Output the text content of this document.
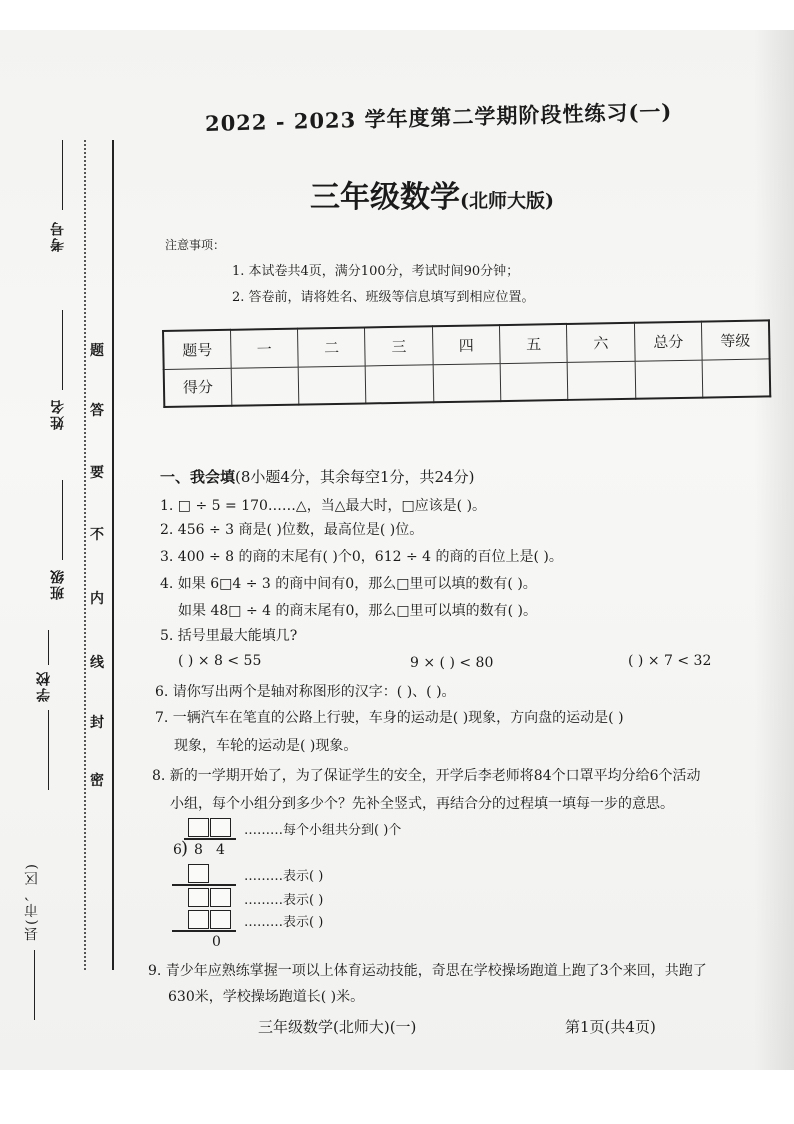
考号
姓名
班级
学校
县(市、区)
密
封
线
内
不
要
答
题
2022 - 2023 学年度第二学期阶段性练习(一)
三年级数学(北师大版)
注意事项：
1. 本试卷共4页，满分100分，考试时间90分钟；
2. 答卷前，请将姓名、班级等信息填写到相应位置。
题号	一	二	三	四	五	六	总分	等级
得分								
一、我会填(8小题4分，其余每空1分，共24分)
1. □ ÷ 5 = 170……△，当△最大时，□应该是( )。
2. 456 ÷ 3 商是( )位数，最高位是( )位。
3. 400 ÷ 8 的商的末尾有( )个0，612 ÷ 4 的商的百位上是( )。
4. 如果 6□4 ÷ 3 的商中间有0，那么□里可以填的数有( )。
如果 48□ ÷ 4 的商末尾有0，那么□里可以填的数有( )。
5. 括号里最大能填几?
( ) × 8 < 55	9 × ( ) < 80	( ) × 7 < 32
6. 请你写出两个是轴对称图形的汉字：( )、( )。
7. 一辆汽车在笔直的公路上行驶，车身的运动是( )现象，方向盘的运动是( )
现象，车轮的运动是( )现象。
8. 新的一学期开始了，为了保证学生的安全，开学后李老师将84个口罩平均分给6个活动
小组，每个小组分到多少个？先补全竖式，再结合分的过程填一填每一步的意思。
6 ) 8 4
0
………每个小组共分到( )个
………表示( )
………表示( )
………表示( )
9. 青少年应熟练掌握一项以上体育运动技能，奇思在学校操场跑道上跑了3个来回，共跑了
630米，学校操场跑道长( )米。
三年级数学(北师大)(一)	第1页(共4页)
